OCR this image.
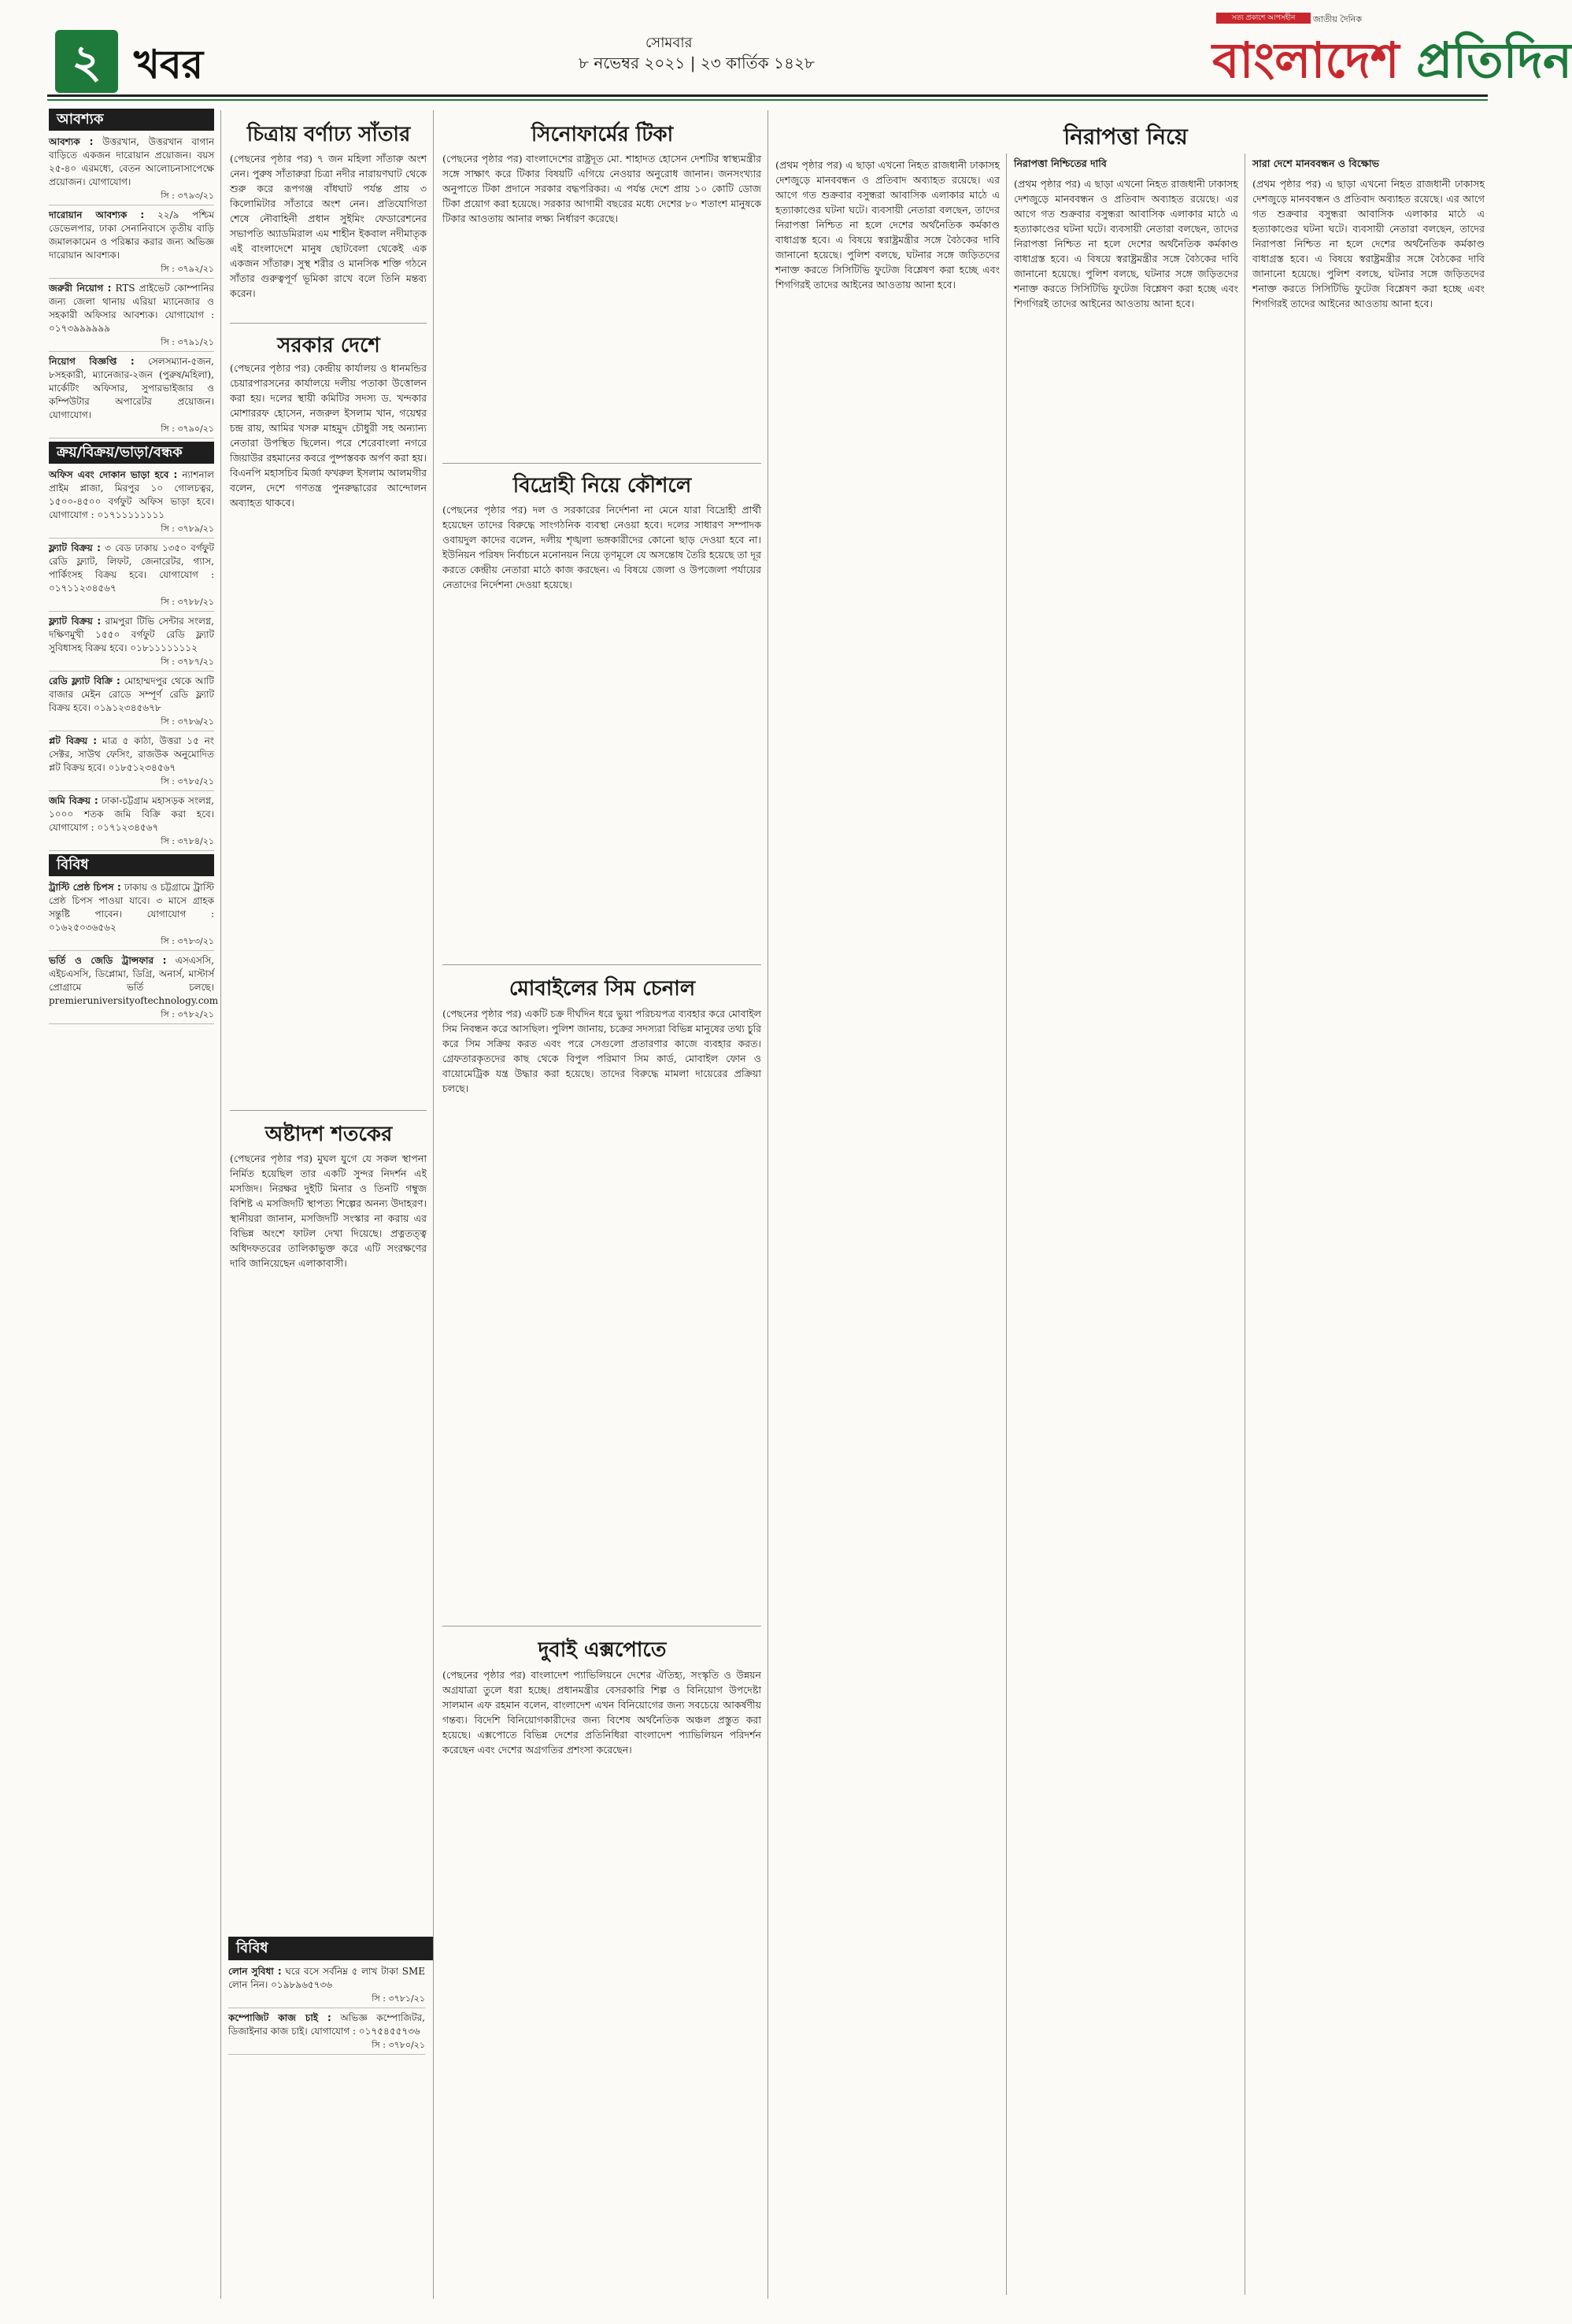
২ খবর	সোমবার
৮ নভেম্বর ২০২১ | ২৩ কার্তিক ১৪২৮
সত্য প্রকাশে আপসহীন	জাতীয় দৈনিক
বাংলাদেশ প্রতিদিন
আবশ্যক
আবশ্যক : উত্তরখান, উত্তরখান বাগান বাড়িতে একজন দারোয়ান প্রয়োজন। বয়স ২৫-৪০ এরমধ্যে, বেতন আলোচনাসাপেক্ষে প্রয়োজন। যোগাযোগ।
সি : ৩৭৯৩/২১
দারোয়ান আবশ্যক : ২২/৯ পশ্চিম ডেভেলপার, ঢাকা সেনানিবাসে তৃতীয় বাড়ি জমালকামেন ও পরিষ্কার করার জন্য অভিজ্ঞ দারোয়ান আবশ্যক।
সি : ৩৭৯২/২১
জরুরী নিয়োগ : RTS প্রাইভেট কোম্পানির জন্য জেলা থানায় এরিয়া ম্যানেজার ও সহকারী অফিসার আবশ্যক। যোগাযোগ : ০১৭৩৯৯৯৯৯৯
সি : ৩৭৯১/২১
নিয়োগ বিজ্ঞপ্তি : সেলসম্যান-৫জন, ৮সহকারী, ম্যানেজার-২জন (পুরুষ/মহিলা), মার্কেটিং অফিসার, সুপারভাইজার ও কম্পিউটার অপারেটর প্রয়োজন। যোগাযোগ।
সি : ৩৭৯০/২১
ক্রয়/বিক্রয়/ভাড়া/বন্ধক
অফিস এবং দোকান ভাড়া হবে : ন্যাশনাল প্রাইম প্লাজা, মিরপুর ১০ গোলচত্বর, ১৫০০-৪৫০০ বর্গফুট অফিস ভাড়া হবে। যোগাযোগ : ০১৭১১১১১১১১
সি : ৩৭৮৯/২১
ফ্ল্যাট বিক্রয় : ৩ বেড ঢাকায় ১৩৫০ বর্গফুট রেডি ফ্ল্যাট, লিফট, জেনারেটর, গ্যাস, পার্কিংসহ বিক্রয় হবে। যোগাযোগ : ০১৭১১২৩৪৫৬৭
সি : ৩৭৮৮/২১
ফ্ল্যাট বিক্রয় : রামপুরা টিভি সেন্টার সংলগ্ন, দক্ষিণমুখী ১৫৫০ বর্গফুট রেডি ফ্ল্যাট সুবিধাসহ বিক্রয় হবে। ০১৮১১১১১১১২
সি : ৩৭৮৭/২১
রেডি ফ্ল্যাট বিক্রি : মোহাম্মদপুর থেকে আটি বাজার মেইন রোডে সম্পূর্ণ রেডি ফ্ল্যাট বিক্রয় হবে। ০১৯১২৩৪৫৬৭৮
সি : ৩৭৮৬/২১
প্লট বিক্রয় : মাত্র ৫ কাঠা, উত্তরা ১৫ নং সেক্টর, সাউথ ফেসিং, রাজউক অনুমোদিত প্লট বিক্রয় হবে। ০১৮৫১২৩৪৫৬৭
সি : ৩৭৮৫/২১
জমি বিক্রয় : ঢাকা-চট্টগ্রাম মহাসড়ক সংলগ্ন, ১০০০ শতক জমি বিক্রি করা হবে। যোগাযোগ : ০১৭১২৩৪৫৬৭
সি : ৩৭৮৪/২১
বিবিধ
ট্রাস্টি প্রেষ্ঠ চিপস : ঢাকায় ও চট্টগ্রামে ট্রাস্টি প্রেষ্ঠ চিপস পাওয়া যাবে। ৩ মাসে গ্রাহক সন্তুষ্টি পাবেন। যোগাযোগ : ০১৬২৫০৩৬৫৬২
সি : ৩৭৮৩/২১
ভর্তি ও জেডি ট্রান্সফার : এসএসসি, এইচএসসি, ডিপ্লোমা, ডিগ্রি, অনার্স, মাস্টার্স প্রোগ্রামে ভর্তি চলছে। premieruniversityoftechnology.com
সি : ৩৭৮২/২১
বিবিধ
লোন সুবিধা : ঘরে বসে সর্বনিম্ন ৫ লাখ টাকা SME লোন নিন। ০১৯৮৯৬৫৭৩৬
সি : ৩৭৮১/২১
কম্পোজিট কাজ চাই : অভিজ্ঞ কম্পোজিটর, ডিজাইনার কাজ চাই। যোগাযোগ : ০১৭৫৪৫৫৭৩৬
সি : ৩৭৮০/২১
চিত্রায় বর্ণাঢ্য সাঁতার
(পেছনের পৃষ্ঠার পর) ৭ জন মহিলা সাঁতারু অংশ নেন। পুরুষ সাঁতারুরা চিত্রা নদীর নারায়ণঘাট থেকে শুরু করে রূপগঞ্জ বাঁধঘাট পর্যন্ত প্রায় ৩ কিলোমিটার সাঁতারে অংশ নেন। প্রতিযোগিতা শেষে নৌবাহিনী প্রধান সুইমিং ফেডারেশনের সভাপতি অ্যাডমিরাল এম শাহীন ইকবাল নদীমাতৃক এই বাংলাদেশে মানুষ ছোটবেলা থেকেই এক একজন সাঁতারু। সুস্থ শরীর ও মানসিক শক্তি গঠনে সাঁতার গুরুত্বপূর্ণ ভূমিকা রাখে বলে তিনি মন্তব্য করেন।
সরকার দেশে
(পেছনের পৃষ্ঠার পর) কেন্দ্রীয় কার্যালয় ও ধানমন্ডির চেয়ারপারসনের কার্যালয়ে দলীয় পতাকা উত্তোলন করা হয়। দলের স্থায়ী কমিটির সদস্য ড. খন্দকার মোশাররফ হোসেন, নজরুল ইসলাম খান, গয়েশ্বর চন্দ্র রায়, আমির খসরু মাহমুদ চৌধুরী সহ অন্যান্য নেতারা উপস্থিত ছিলেন। পরে শেরেবাংলা নগরে জিয়াউর রহমানের কবরে পুষ্পস্তবক অর্পণ করা হয়। বিএনপি মহাসচিব মির্জা ফখরুল ইসলাম আলমগীর বলেন, দেশে গণতন্ত্র পুনরুদ্ধারের আন্দোলন অব্যাহত থাকবে।
অষ্টাদশ শতকের
(পেছনের পৃষ্ঠার পর) মুঘল যুগে যে সকল স্থাপনা নির্মিত হয়েছিল তার একটি সুন্দর নিদর্শন এই মসজিদ। নিরক্ষর দুইটি মিনার ও তিনটি গম্বুজ বিশিষ্ট এ মসজিদটি স্থাপত্য শিল্পের অনন্য উদাহরণ। স্থানীয়রা জানান, মসজিদটি সংস্কার না করায় এর বিভিন্ন অংশে ফাটল দেখা দিয়েছে। প্রত্নতত্ত্ব অধিদফতরের তালিকাভুক্ত করে এটি সংরক্ষণের দাবি জানিয়েছেন এলাকাবাসী।
সিনোফার্মের টিকা
(পেছনের পৃষ্ঠার পর) বাংলাদেশের রাষ্ট্রদূত মো. শাহাদত হোসেন দেশটির স্বাস্থ্যমন্ত্রীর সঙ্গে সাক্ষাৎ করে টিকার বিষয়টি এগিয়ে নেওয়ার অনুরোধ জানান। জনসংখ্যার অনুপাতে টিকা প্রদানে সরকার বদ্ধপরিকর। এ পর্যন্ত দেশে প্রায় ১০ কোটি ডোজ টিকা প্রয়োগ করা হয়েছে। সরকার আগামী বছরের মধ্যে দেশের ৮০ শতাংশ মানুষকে টিকার আওতায় আনার লক্ষ্য নির্ধারণ করেছে।
বিদ্রোহী নিয়ে কৌশলে
(পেছনের পৃষ্ঠার পর) দল ও সরকারের নির্দেশনা না মেনে যারা বিদ্রোহী প্রার্থী হয়েছেন তাদের বিরুদ্ধে সাংগঠনিক ব্যবস্থা নেওয়া হবে। দলের সাধারণ সম্পাদক ওবায়দুল কাদের বলেন, দলীয় শৃঙ্খলা ভঙ্গকারীদের কোনো ছাড় দেওয়া হবে না। ইউনিয়ন পরিষদ নির্বাচনে মনোনয়ন নিয়ে তৃণমূলে যে অসন্তোষ তৈরি হয়েছে তা দূর করতে কেন্দ্রীয় নেতারা মাঠে কাজ করছেন। এ বিষয়ে জেলা ও উপজেলা পর্যায়ের নেতাদের নির্দেশনা দেওয়া হয়েছে।
মোবাইলের সিম চেনাল
(পেছনের পৃষ্ঠার পর) একটি চক্র দীর্ঘদিন ধরে ভুয়া পরিচয়পত্র ব্যবহার করে মোবাইল সিম নিবন্ধন করে আসছিল। পুলিশ জানায়, চক্রের সদস্যরা বিভিন্ন মানুষের তথ্য চুরি করে সিম সক্রিয় করত এবং পরে সেগুলো প্রতারণার কাজে ব্যবহার করত। গ্রেফতারকৃতদের কাছ থেকে বিপুল পরিমাণ সিম কার্ড, মোবাইল ফোন ও বায়োমেট্রিক যন্ত্র উদ্ধার করা হয়েছে। তাদের বিরুদ্ধে মামলা দায়েরের প্রক্রিয়া চলছে।
দুবাই এক্সপোতে
(পেছনের পৃষ্ঠার পর) বাংলাদেশ প্যাভিলিয়নে দেশের ঐতিহ্য, সংস্কৃতি ও উন্নয়ন অগ্রযাত্রা তুলে ধরা হচ্ছে। প্রধানমন্ত্রীর বেসরকারি শিল্প ও বিনিয়োগ উপদেষ্টা সালমান এফ রহমান বলেন, বাংলাদেশ এখন বিনিয়োগের জন্য সবচেয়ে আকর্ষণীয় গন্তব্য। বিদেশি বিনিয়োগকারীদের জন্য বিশেষ অর্থনৈতিক অঞ্চল প্রস্তুত করা হয়েছে। এক্সপোতে বিভিন্ন দেশের প্রতিনিধিরা বাংলাদেশ প্যাভিলিয়ন পরিদর্শন করেছেন এবং দেশের অগ্রগতির প্রশংসা করেছেন।
নিরাপত্তা নিয়ে
(প্রথম পৃষ্ঠার পর) এ ছাড়া এখনো নিহত রাজধানী ঢাকাসহ দেশজুড়ে মানববন্ধন ও প্রতিবাদ অব্যাহত রয়েছে। এর আগে গত শুক্রবার বসুন্ধরা আবাসিক এলাকার মাঠে এ হত্যাকাণ্ডের ঘটনা ঘটে। ব্যবসায়ী নেতারা বলছেন, তাদের নিরাপত্তা নিশ্চিত না হলে দেশের অর্থনৈতিক কর্মকাণ্ড বাধাগ্রস্ত হবে। এ বিষয়ে স্বরাষ্ট্রমন্ত্রীর সঙ্গে বৈঠকের দাবি জানানো হয়েছে। পুলিশ বলছে, ঘটনার সঙ্গে জড়িতদের শনাক্ত করতে সিসিটিভি ফুটেজ বিশ্লেষণ করা হচ্ছে এবং শিগগিরই তাদের আইনের আওতায় আনা হবে।
নিরাপত্তা নিশ্চিতের দাবি
(প্রথম পৃষ্ঠার পর) এ ছাড়া এখনো নিহত রাজধানী ঢাকাসহ দেশজুড়ে মানববন্ধন ও প্রতিবাদ অব্যাহত রয়েছে। এর আগে গত শুক্রবার বসুন্ধরা আবাসিক এলাকার মাঠে এ হত্যাকাণ্ডের ঘটনা ঘটে। ব্যবসায়ী নেতারা বলছেন, তাদের নিরাপত্তা নিশ্চিত না হলে দেশের অর্থনৈতিক কর্মকাণ্ড বাধাগ্রস্ত হবে। এ বিষয়ে স্বরাষ্ট্রমন্ত্রীর সঙ্গে বৈঠকের দাবি জানানো হয়েছে। পুলিশ বলছে, ঘটনার সঙ্গে জড়িতদের শনাক্ত করতে সিসিটিভি ফুটেজ বিশ্লেষণ করা হচ্ছে এবং শিগগিরই তাদের আইনের আওতায় আনা হবে।
সারা দেশে মানববন্ধন ও বিক্ষোভ
(প্রথম পৃষ্ঠার পর) এ ছাড়া এখনো নিহত রাজধানী ঢাকাসহ দেশজুড়ে মানববন্ধন ও প্রতিবাদ অব্যাহত রয়েছে। এর আগে গত শুক্রবার বসুন্ধরা আবাসিক এলাকার মাঠে এ হত্যাকাণ্ডের ঘটনা ঘটে। ব্যবসায়ী নেতারা বলছেন, তাদের নিরাপত্তা নিশ্চিত না হলে দেশের অর্থনৈতিক কর্মকাণ্ড বাধাগ্রস্ত হবে। এ বিষয়ে স্বরাষ্ট্রমন্ত্রীর সঙ্গে বৈঠকের দাবি জানানো হয়েছে। পুলিশ বলছে, ঘটনার সঙ্গে জড়িতদের শনাক্ত করতে সিসিটিভি ফুটেজ বিশ্লেষণ করা হচ্ছে এবং শিগগিরই তাদের আইনের আওতায় আনা হবে।
